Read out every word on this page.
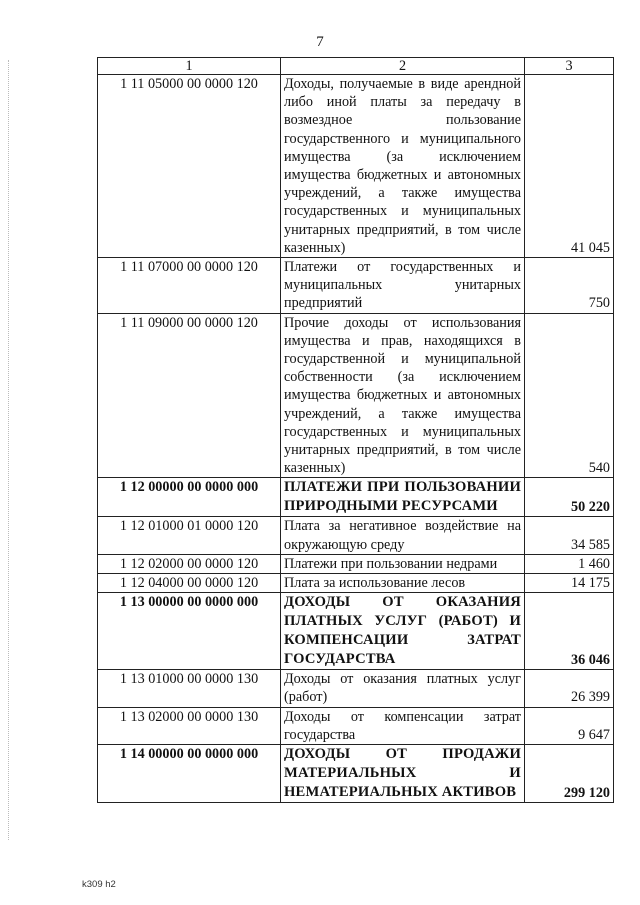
7
1	2	3
1 11 05000 00 0000 120	Доходы, получаемые в виде арендной либо иной платы за передачу в возмездное пользование государственного и муниципального имущества (за исключением имущества бюджетных и автономных учреждений, а также имущества государственных и муниципальных унитарных предприятий, в том числе казенных)	41 045
1 11 07000 00 0000 120	Платежи от государственных и муниципальных унитарных предприятий	750
1 11 09000 00 0000 120	Прочие доходы от использования имущества и прав, находящихся в государственной и муниципальной собственности (за исключением имущества бюджетных и автономных учреждений, а также имущества государственных и муниципальных унитарных предприятий, в том числе казенных)	540
1 12 00000 00 0000 000	ПЛАТЕЖИ ПРИ ПОЛЬЗОВАНИИ ПРИРОДНЫМИ РЕСУРСАМИ	50 220
1 12 01000 01 0000 120	Плата за негативное воздействие на окружающую среду	34 585
1 12 02000 00 0000 120	Платежи при пользовании недрами	1 460
1 12 04000 00 0000 120	Плата за использование лесов	14 175
1 13 00000 00 0000 000	ДОХОДЫ ОТ ОКАЗАНИЯ ПЛАТНЫХ УСЛУГ (РАБОТ) И КОМПЕНСАЦИИ ЗАТРАТ ГОСУДАРСТВА	36 046
1 13 01000 00 0000 130	Доходы от оказания платных услуг (работ)	26 399
1 13 02000 00 0000 130	Доходы от компенсации затрат государства	9 647
1 14 00000 00 0000 000	ДОХОДЫ ОТ ПРОДАЖИ МАТЕРИАЛЬНЫХ И НЕМАТЕРИАЛЬНЫХ АКТИВОВ	299 120
k309 h2
